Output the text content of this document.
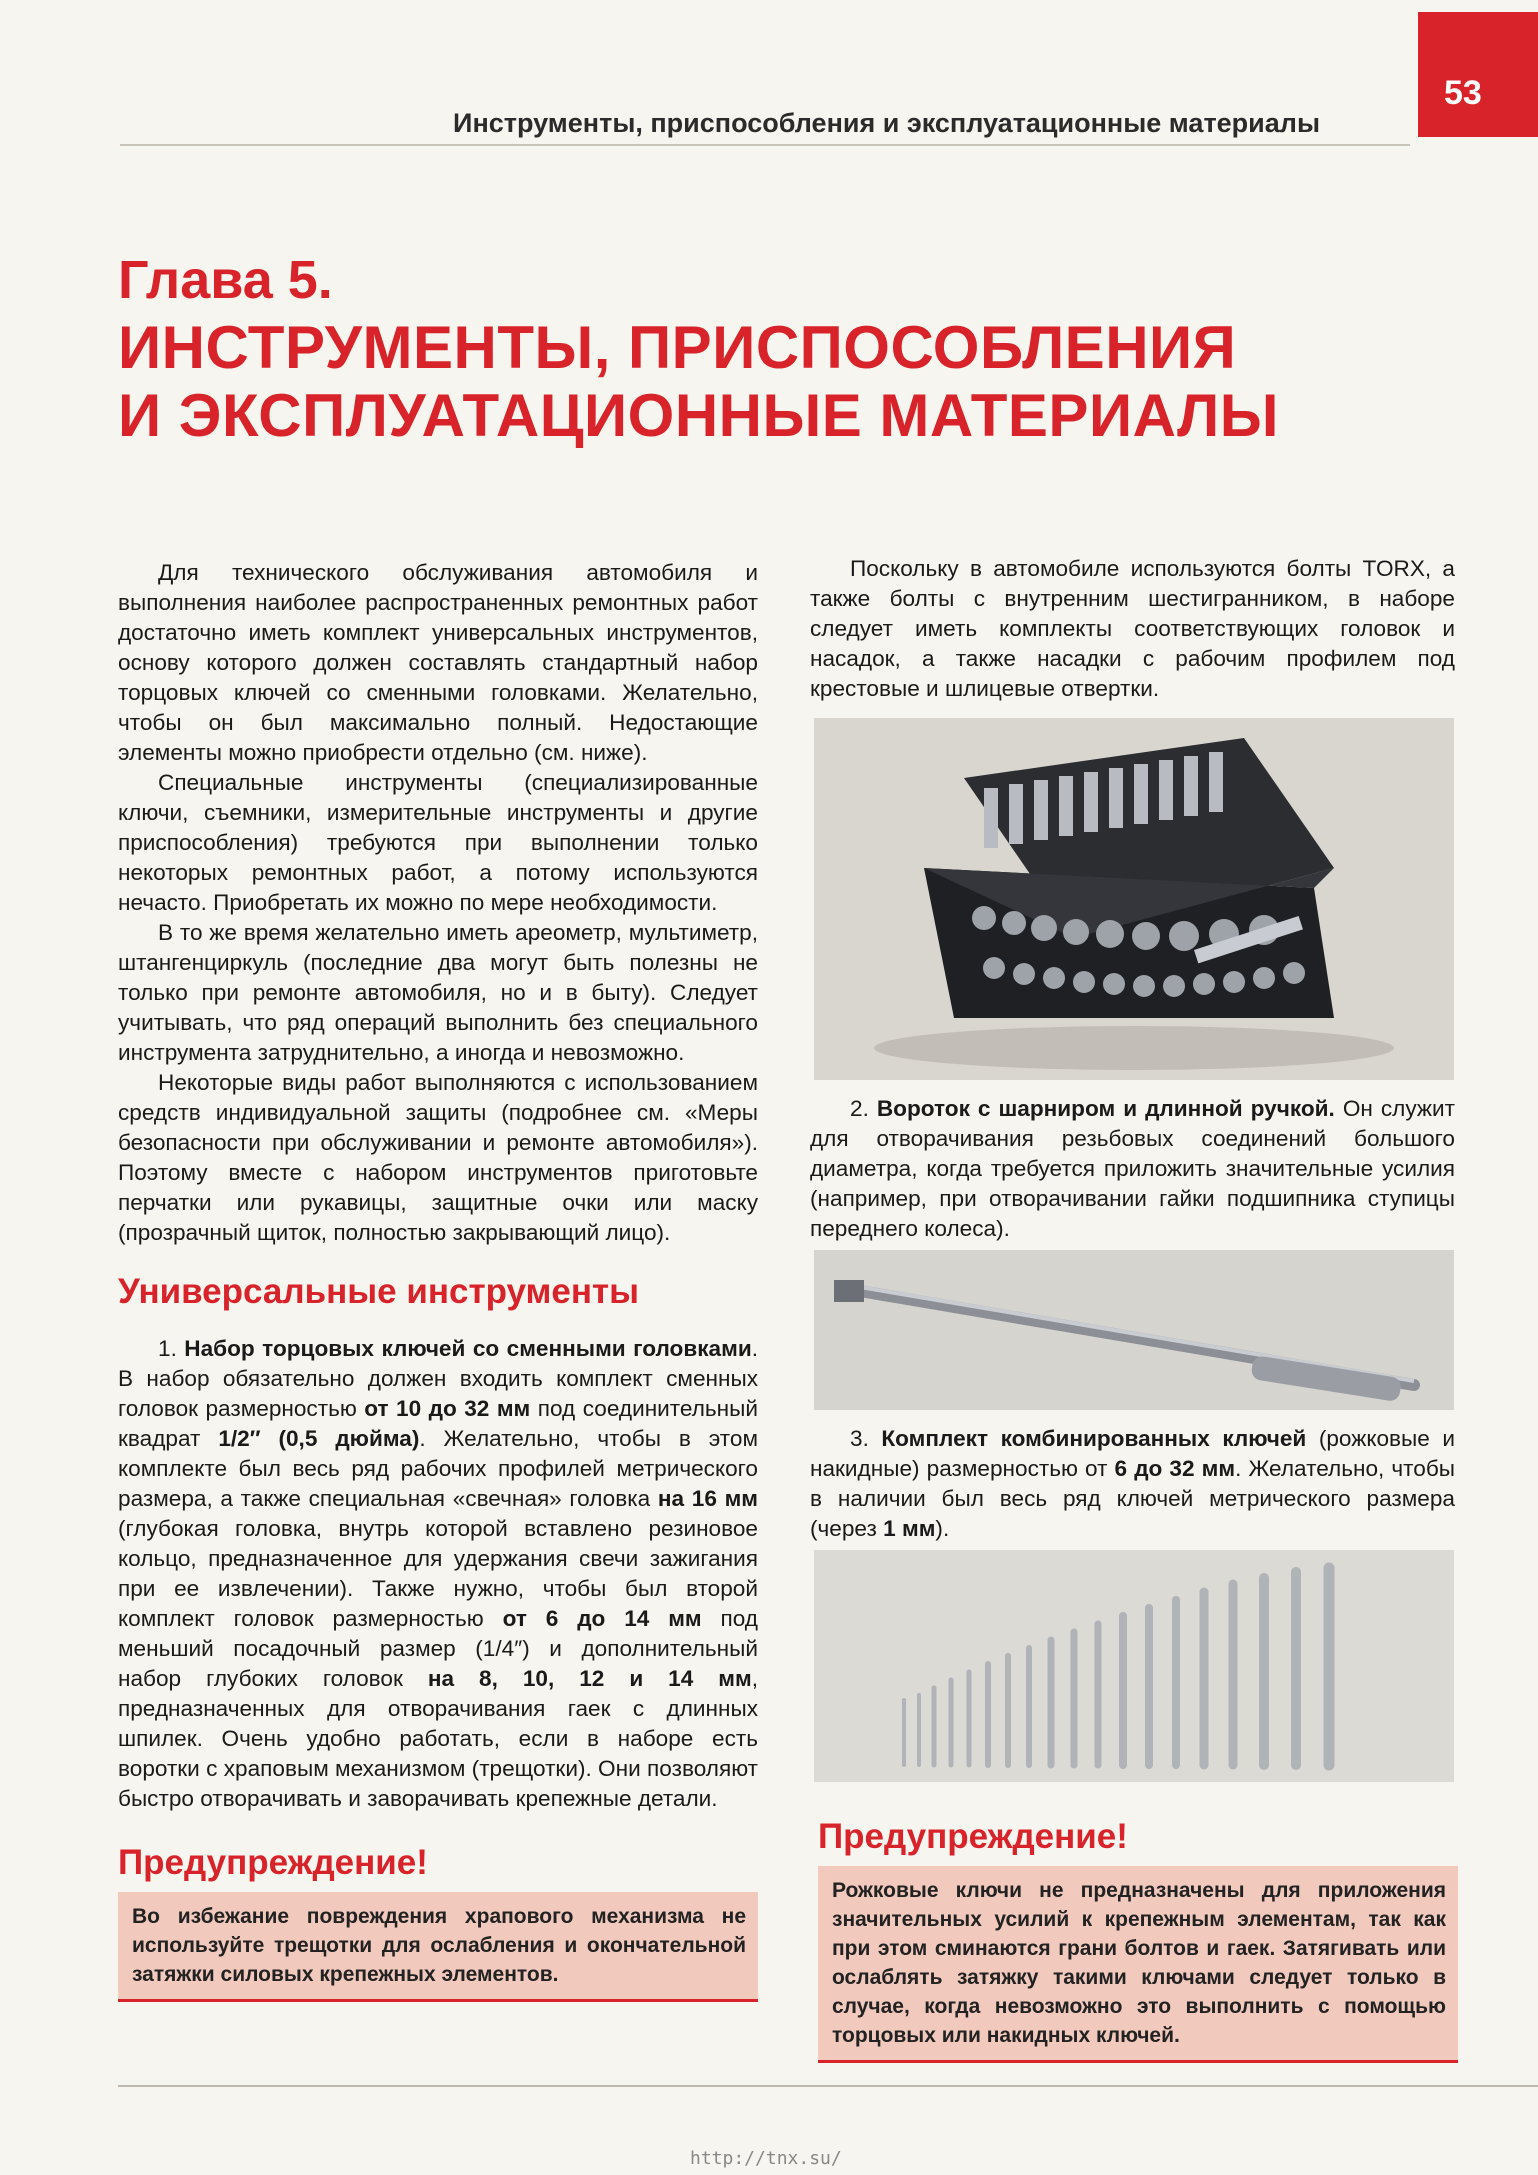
53
Инструменты, приспособления и эксплуатационные материалы
Глава 5.
ИНСТРУМЕНТЫ, ПРИСПОСОБЛЕНИЯ
И ЭКСПЛУАТАЦИОННЫЕ МАТЕРИАЛЫ

Для технического обслуживания автомобиля и выполнения наиболее распространенных ремонтных работ достаточно иметь комплект универсальных инструментов, основу которого должен составлять стандартный набор торцовых ключей со сменными головками. Желательно, чтобы он был максимально полный. Недостающие элементы можно приобрести отдельно (см. ниже).

Специальные инструменты (специализированные ключи, съемники, измерительные инструменты и другие приспособления) требуются при выполнении только некоторых ремонтных работ, а потому используются нечасто. Приобретать их можно по мере необходимости.

В то же время желательно иметь ареометр, мультиметр, штангенциркуль (последние два могут быть полезны не только при ремонте автомобиля, но и в быту). Следует учитывать, что ряд операций выполнить без специального инструмента затруднительно, а иногда и невозможно.

Некоторые виды работ выполняются с использованием средств индивидуальной защиты (подробнее см. «Меры безопасности при обслуживании и ремонте автомобиля»). Поэтому вместе с набором инструментов приготовьте перчатки или рукавицы, защитные очки или маску (прозрачный щиток, полностью закрывающий лицо).

Универсальные инструменты

1. Набор торцовых ключей со сменными головками. В набор обязательно должен входить комплект сменных головок размерностью от 10 до 32 мм под соединительный квадрат 1/2″ (0,5 дюйма). Желательно, чтобы в этом комплекте был весь ряд рабочих профилей метрического размера, а также специальная «свечная» головка на 16 мм (глубокая головка, внутрь которой вставлено резиновое кольцо, предназначенное для удержания свечи зажигания при ее извлечении). Также нужно, чтобы был второй комплект головок размерностью от 6 до 14 мм под меньший посадочный размер (1/4″) и дополнительный набор глубоких головок на 8, 10, 12 и 14 мм, предназначенных для отворачивания гаек с длинных шпилек. Очень удобно работать, если в наборе есть воротки с храповым механизмом (трещотки). Они позволяют быстро отворачивать и заворачивать крепежные детали.

Предупреждение!
Во избежание повреждения храпового механизма не используйте трещотки для ослабления и окончательной затяжки силовых крепежных элементов.

Поскольку в автомобиле используются болты TORX, а также болты с внутренним шестигранником, в наборе следует иметь комплекты соответствующих головок и насадок, а также насадки с рабочим профилем под крестовые и шлицевые отвертки.

2. Вороток с шарниром и длинной ручкой. Он служит для отворачивания резьбовых соединений большого диаметра, когда требуется приложить значительные усилия (например, при отворачивании гайки подшипника ступицы переднего колеса).

3. Комплект комбинированных ключей (рожковые и накидные) размерностью от 6 до 32 мм. Желательно, чтобы в наличии был весь ряд ключей метрического размера (через 1 мм).

Предупреждение!
Рожковые ключи не предназначены для приложения значительных усилий к крепежным элементам, так как при этом сминаются грани болтов и гаек. Затягивать или ослаблять затяжку такими ключами следует только в случае, когда невозможно это выполнить с помощью торцовых или накидных ключей.
http://tnx.su/
